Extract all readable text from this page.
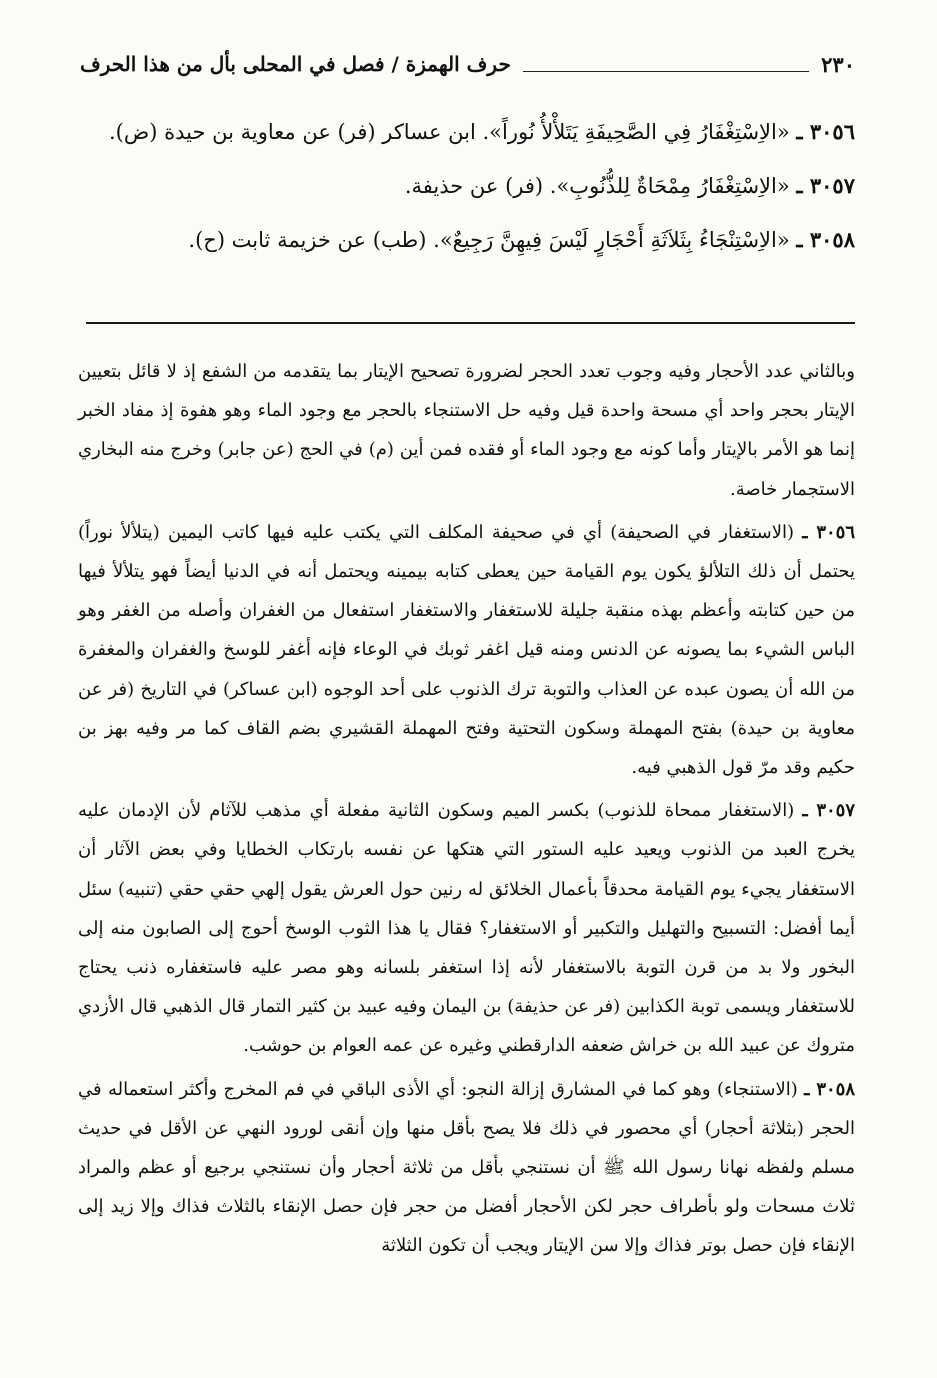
٢٣٠
حرف الهمزة / فصل في المحلى بأل من هذا الحرف

٣٠٥٦ ـ «الاِسْتِغْفَارُ فِي الصَّحِيفَةِ يَتَلأْلأُ نُوراً». ابن عساكر (فر) عن معاوية بن حيدة (ض).

٣٠٥٧ ـ «الاِسْتِغْفَارُ مِمْحَاةٌ لِلذُّنُوبِ». (فر) عن حذيفة.

٣٠٥٨ ـ «الاِسْتِنْجَاءُ بِثَلاَثَةِ أَحْجَارٍ لَيْسَ فِيهِنَّ رَجِيعٌ». (طب) عن خزيمة ثابت (ح).

وبالثاني عدد الأحجار وفيه وجوب تعدد الحجر لضرورة تصحيح الإيتار بما يتقدمه من الشفع إذ لا قائل بتعيين الإيتار بحجر واحد أي مسحة واحدة قيل وفيه حل الاستنجاء بالحجر مع وجود الماء وهو هفوة إذ مفاد الخبر إنما هو الأمر بالإيتار وأما كونه مع وجود الماء أو فقده فمن أين (م) في الحج (عن جابر) وخرج منه البخاري الاستجمار خاصة.

٣٠٥٦ ـ (الاستغفار في الصحيفة) أي في صحيفة المكلف التي يكتب عليه فيها كاتب اليمين (يتلألأ نوراً) يحتمل أن ذلك التلألؤ يكون يوم القيامة حين يعطى كتابه بيمينه ويحتمل أنه في الدنيا أيضاً فهو يتلألأ فيها من حين كتابته وأعظم بهذه منقبة جليلة للاستغفار والاستغفار استفعال من الغفران وأصله من الغفر وهو الباس الشيء بما يصونه عن الدنس ومنه قيل اغفر ثوبك في الوعاء فإنه أغفر للوسخ والغفران والمغفرة من الله أن يصون عبده عن العذاب والتوبة ترك الذنوب على أحد الوجوه (ابن عساكر) في التاريخ (فر عن معاوية بن حيدة) بفتح المهملة وسكون التحتية وفتح المهملة القشيري بضم القاف كما مر وفيه بهز بن حكيم وقد مرّ قول الذهبي فيه.

٣٠٥٧ ـ (الاستغفار ممحاة للذنوب) بكسر الميم وسكون الثانية مفعلة أي مذهب للآثام لأن الإدمان عليه يخرج العبد من الذنوب ويعيد عليه الستور التي هتكها عن نفسه بارتكاب الخطايا وفي بعض الآثار أن الاستغفار يجيء يوم القيامة محدقاً بأعمال الخلائق له رنين حول العرش يقول إلهي حقي حقي (تنبيه) سئل أيما أفضل: التسبيح والتهليل والتكبير أو الاستغفار؟ فقال يا هذا الثوب الوسخ أحوج إلى الصابون منه إلى البخور ولا بد من قرن التوبة بالاستغفار لأنه إذا استغفر بلسانه وهو مصر عليه فاستغفاره ذنب يحتاج للاستغفار ويسمى توبة الكذابين (فر عن حذيفة) بن اليمان وفيه عبيد بن كثير التمار قال الذهبي قال الأزدي متروك عن عبيد الله بن خراش ضعفه الدارقطني وغيره عن عمه العوام بن حوشب.

٣٠٥٨ ـ (الاستنجاء) وهو كما في المشارق إزالة النجو: أي الأذى الباقي في فم المخرج وأكثر استعماله في الحجر (بثلاثة أحجار) أي محصور في ذلك فلا يصح بأقل منها وإن أنقى لورود النهي عن الأقل في حديث مسلم ولفظه نهانا رسول الله ﷺ أن نستنجي بأقل من ثلاثة أحجار وأن نستنجي برجيع أو عظم والمراد ثلاث مسحات ولو بأطراف حجر لكن الأحجار أفضل من حجر فإن حصل الإنقاء بالثلاث فذاك وإلا زيد إلى الإنقاء فإن حصل بوتر فذاك وإلا سن الإيتار ويجب أن تكون الثلاثة
